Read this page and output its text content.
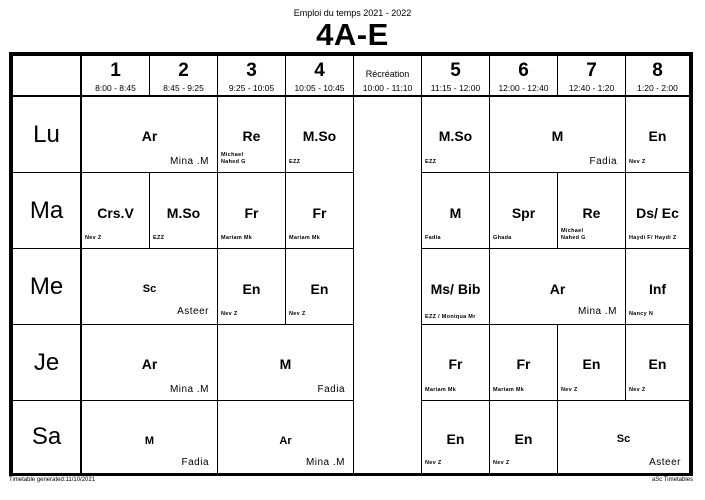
Emploi du temps 2021 - 2022
4A-E
1
8:00 - 8:45
2
8:45 - 9:25
3
9:25 - 10:05
4
10:05 - 10:45
Récréation
10:00 - 11:10
5
11:15 - 12:00
6
12:00 - 12:40
7
12:40 - 1:20
8
1:20 - 2:00
Lu
Ma
Me
Je
Sa
Ar
Mina .M
Re
Michael Nahed G
M.So
EZZ
M.So
EZZ
M
Fadia
En
Nev Z
Crs.V
Nev Z
M.So
EZZ
Fr
Mariam Mk
Fr
Mariam Mk
M
Fadia
Spr
Ghada
Re
Michael Nahed G
Ds/ Ec
Haydi F/ Haydi Z
Sc
Asteer
En
Nev Z
En
Nev Z
Ms/ Bib
EZZ / Moniqua Mr
Ar
Mina .M
Inf
Nancy N
Ar
Mina .M
M
Fadia
Fr
Mariam Mk
Fr
Mariam Mk
En
Nev Z
En
Nev Z
M
Fadia
Ar
Mina .M
En
Nev Z
En
Nev Z
Sc
Asteer
Timetable generated:11/10/2021	aSc Timetables
